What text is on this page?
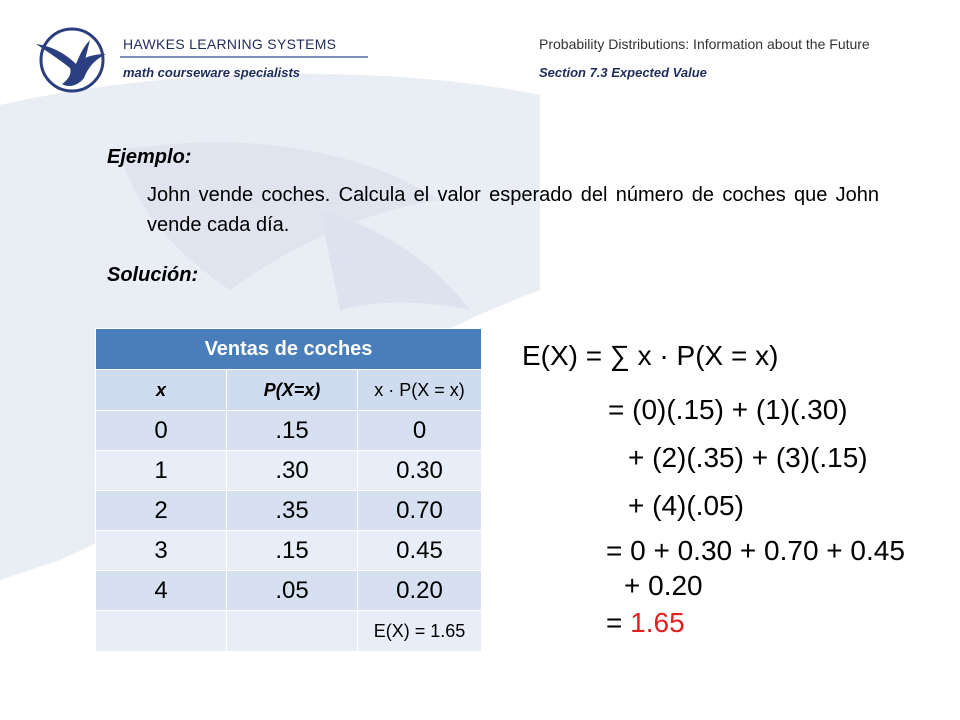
HAWKES LEARNING SYSTEMS
math courseware specialists
Probability Distributions: Information about the Future
Section 7.3 Expected Value
Ejemplo:
John vende coches. Calcula el valor esperado del número de coches que John vende cada día.
Solución:
Ventas de coches		
x	P(X=x)	x · P(X = x)
0	.15	0
1	.30	0.30
2	.35	0.70
3	.15	0.45
4	.05	0.20
		E(X) = 1.65
E(X) = ∑ x · P(X = x)
= (0)(.15) + (1)(.30)
+ (2)(.35) + (3)(.15)
+ (4)(.05)
= 0 + 0.30 + 0.70 + 0.45
+ 0.20
= 1.65
